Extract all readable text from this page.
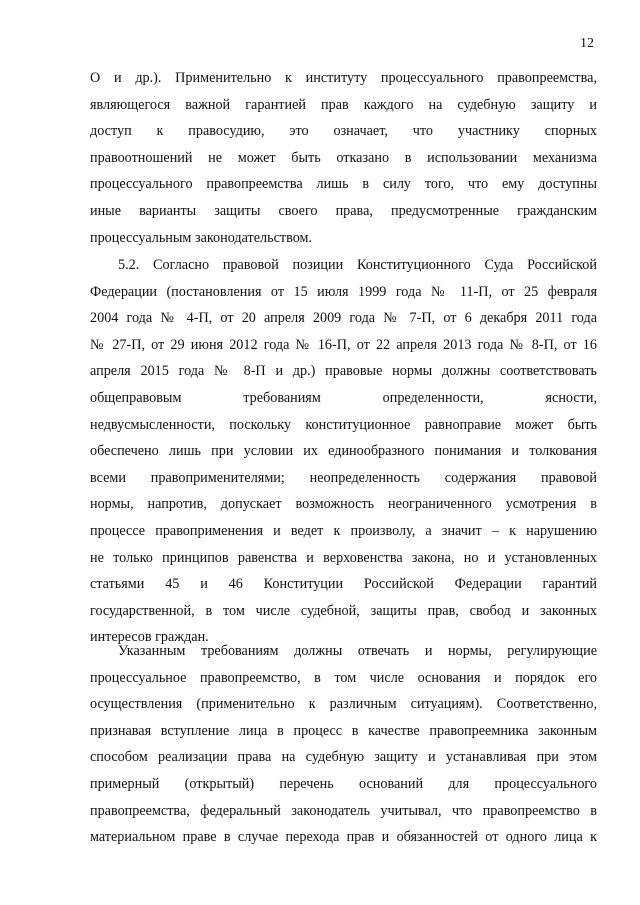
12
О и др.). Применительно к институту процессуального правопреемства,
являющегося важной гарантией прав каждого на судебную защиту и
доступ к правосудию, это означает, что участнику спорных
правоотношений не может быть отказано в использовании механизма
процессуального правопреемства лишь в силу того, что ему доступны
иные варианты защиты своего права, предусмотренные гражданским
процессуальным законодательством.
5.2. Согласно правовой позиции Конституционного Суда Российской
Федерации (постановления от 15 июля 1999 года № 11-П, от 25 февраля
2004 года № 4-П, от 20 апреля 2009 года № 7-П, от 6 декабря 2011 года
№ 27-П, от 29 июня 2012 года № 16-П, от 22 апреля 2013 года № 8-П, от 16
апреля 2015 года № 8-П и др.) правовые нормы должны соответствовать
общеправовым требованиям определенности, ясности,
недвусмысленности, поскольку конституционное равноправие может быть
обеспечено лишь при условии их единообразного понимания и толкования
всеми правоприменителями; неопределенность содержания правовой
нормы, напротив, допускает возможность неограниченного усмотрения в
процессе правоприменения и ведет к произволу, а значит – к нарушению
не только принципов равенства и верховенства закона, но и установленных
статьями 45 и 46 Конституции Российской Федерации гарантий
государственной, в том числе судебной, защиты прав, свобод и законных
интересов граждан.
Указанным требованиям должны отвечать и нормы, регулирующие
процессуальное правопреемство, в том числе основания и порядок его
осуществления (применительно к различным ситуациям). Соответственно,
признавая вступление лица в процесс в качестве правопреемника законным
способом реализации права на судебную защиту и устанавливая при этом
примерный (открытый) перечень оснований для процессуального
правопреемства, федеральный законодатель учитывал, что правопреемство в
материальном праве в случае перехода прав и обязанностей от одного лица к
